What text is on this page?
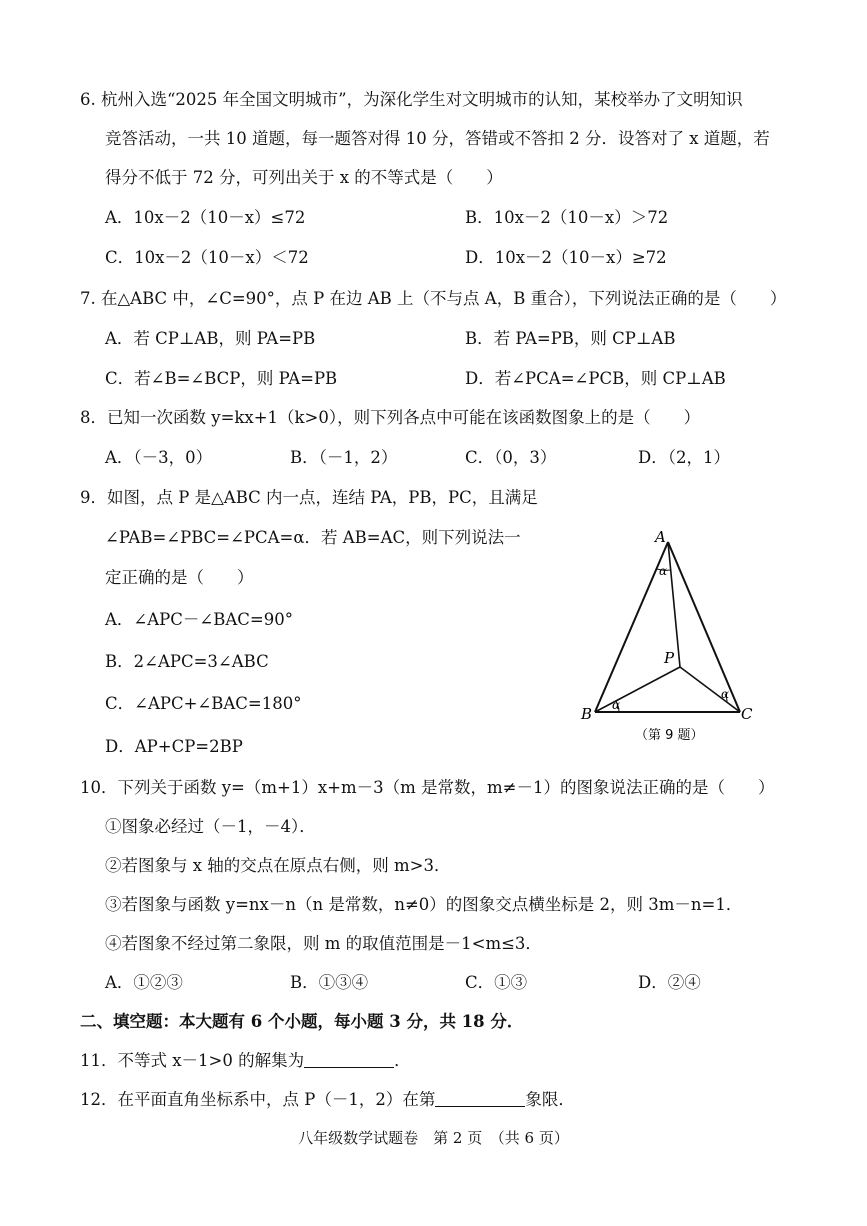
6. 杭州入选“2025 年全国文明城市”，为深化学生对文明城市的认知，某校举办了文明知识
竞答活动，一共 10 道题，每一题答对得 10 分，答错或不答扣 2 分．设答对了 x 道题，若
得分不低于 72 分，可列出关于 x 的不等式是（　　）
A．10x－2（10－x）≤72	B．10x－2（10－x）＞72
C．10x－2（10－x）＜72	D．10x－2（10－x）≥72
7. 在△ABC 中，∠C=90°，点 P 在边 AB 上（不与点 A，B 重合），下列说法正确的是（　　）
A．若 CP⊥AB，则 PA=PB	B．若 PA=PB，则 CP⊥AB
C．若∠B=∠BCP，则 PA=PB	D．若∠PCA=∠PCB，则 CP⊥AB
8．已知一次函数 y=kx+1（k>0），则下列各点中可能在该函数图象上的是（　　）
A．（－3，0）	B．（－1，2）	C．（0，3）	D．（2，1）
9．如图，点 P 是△ABC 内一点，连结 PA，PB，PC，且满足
∠PAB=∠PBC=∠PCA=α．若 AB=AC，则下列说法一
定正确的是（　　）
A．∠APC－∠BAC=90°
B．2∠APC=3∠ABC
C．∠APC+∠BAC=180°
D．AP+CP=2BP
A
B	C
P
α
α
α
（第 9 题）
10．下列关于函数 y=（m+1）x+m－3（m 是常数，m≠－1）的图象说法正确的是（　　）
①图象必经过（－1，－4）．
②若图象与 x 轴的交点在原点右侧，则 m>3．
③若图象与函数 y=nx－n（n 是常数，n≠0）的图象交点横坐标是 2，则 3m－n=1．
④若图象不经过第二象限，则 m 的取值范围是－1<m≤3．
A．①②③	B．①③④	C．①③	D．②④
二、填空题：本大题有 6 个小题，每小题 3 分，共 18 分．
11．不等式 x－1>0 的解集为	．
12．在平面直角坐标系中，点 P（－1，2）在第	象限．
八年级数学试题卷　第 2 页　（共 6 页）
